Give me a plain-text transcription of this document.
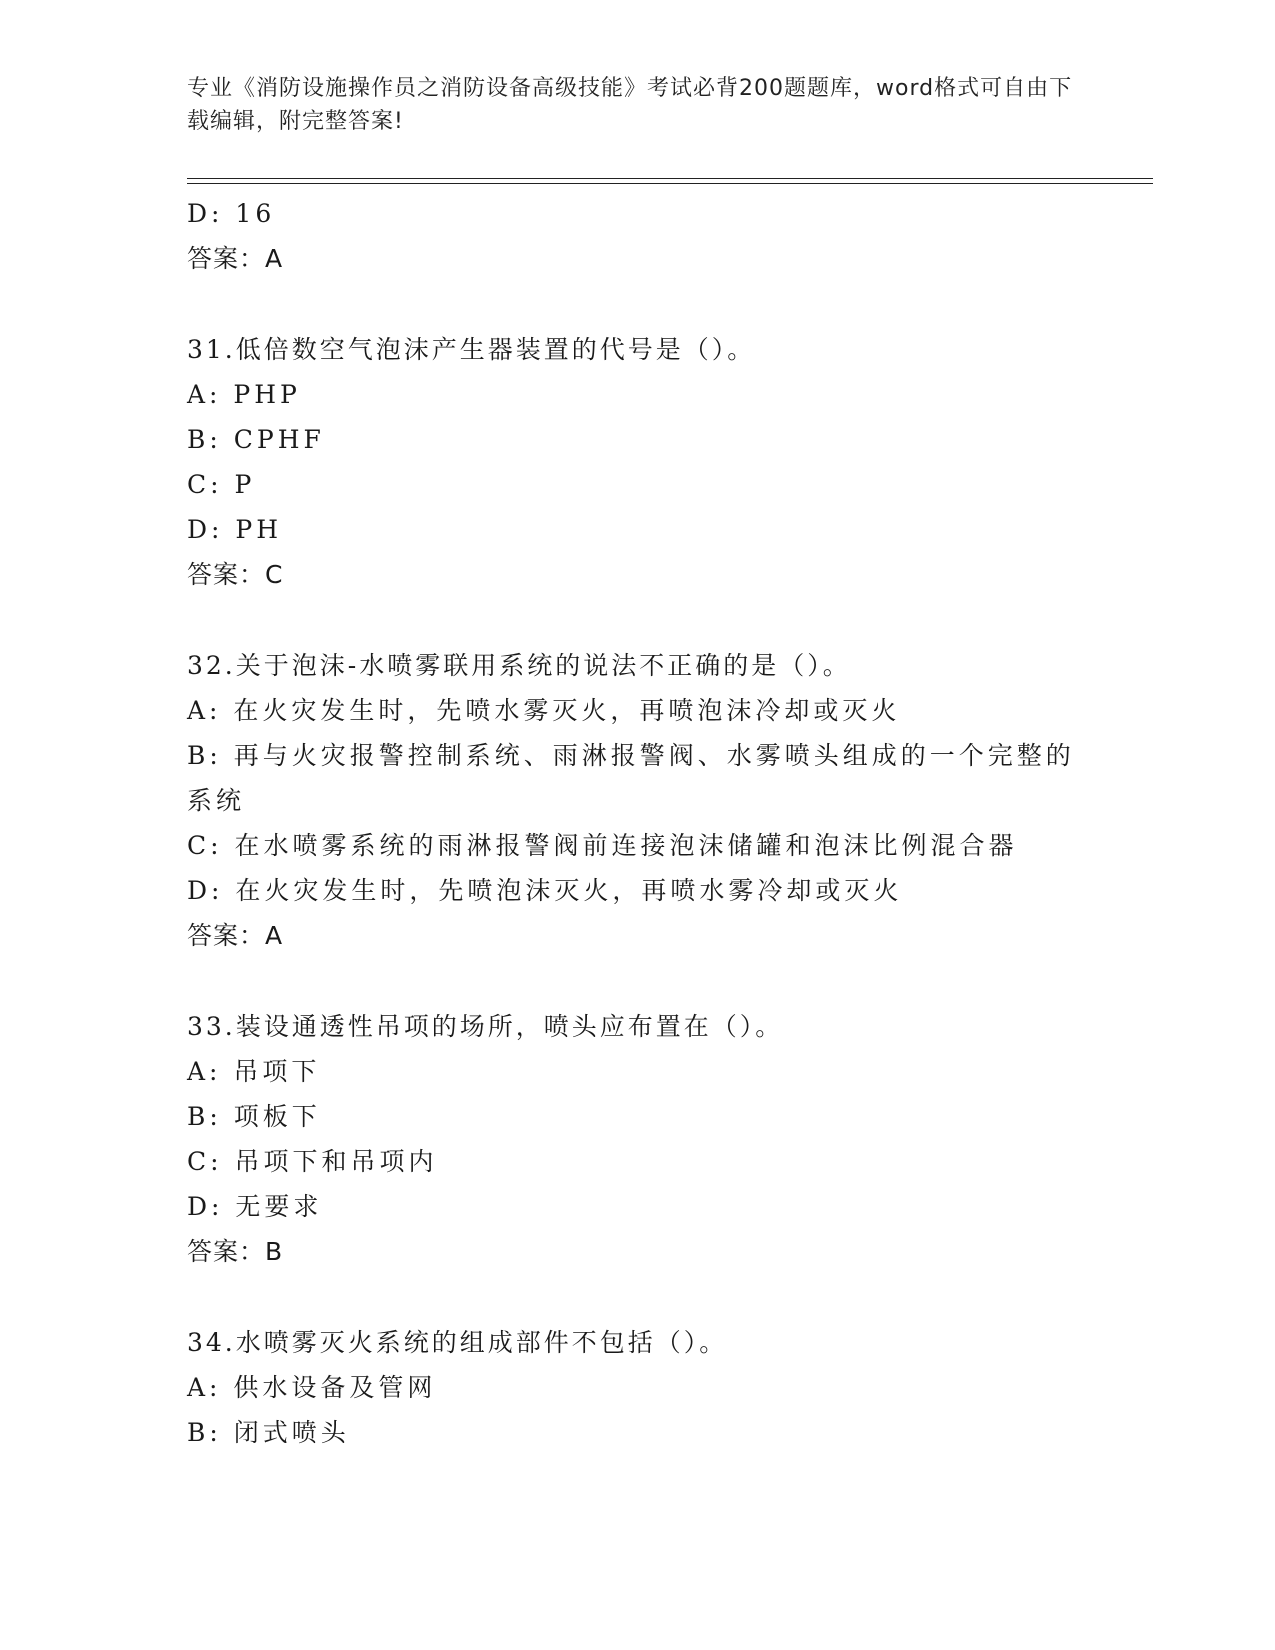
专业《消防设施操作员之消防设备高级技能》考试必背200题题库，word格式可自由下载编辑，附完整答案!
D: 16
答案：A
31.低倍数空气泡沫产生器装置的代号是（）。
A: PHP
B: CPHF
C: P
D: PH
答案：C
32.关于泡沫-水喷雾联用系统的说法不正确的是（）。
A: 在火灾发生时，先喷水雾灭火，再喷泡沫冷却或灭火
B: 再与火灾报警控制系统、雨淋报警阀、水雾喷头组成的一个完整的系统
C: 在水喷雾系统的雨淋报警阀前连接泡沫储罐和泡沫比例混合器
D: 在火灾发生时，先喷泡沫灭火，再喷水雾冷却或灭火
答案：A
33.装设通透性吊项的场所，喷头应布置在（）。
A: 吊项下
B: 项板下
C: 吊项下和吊项内
D: 无要求
答案：B
34.水喷雾灭火系统的组成部件不包括（）。
A: 供水设备及管网
B: 闭式喷头
